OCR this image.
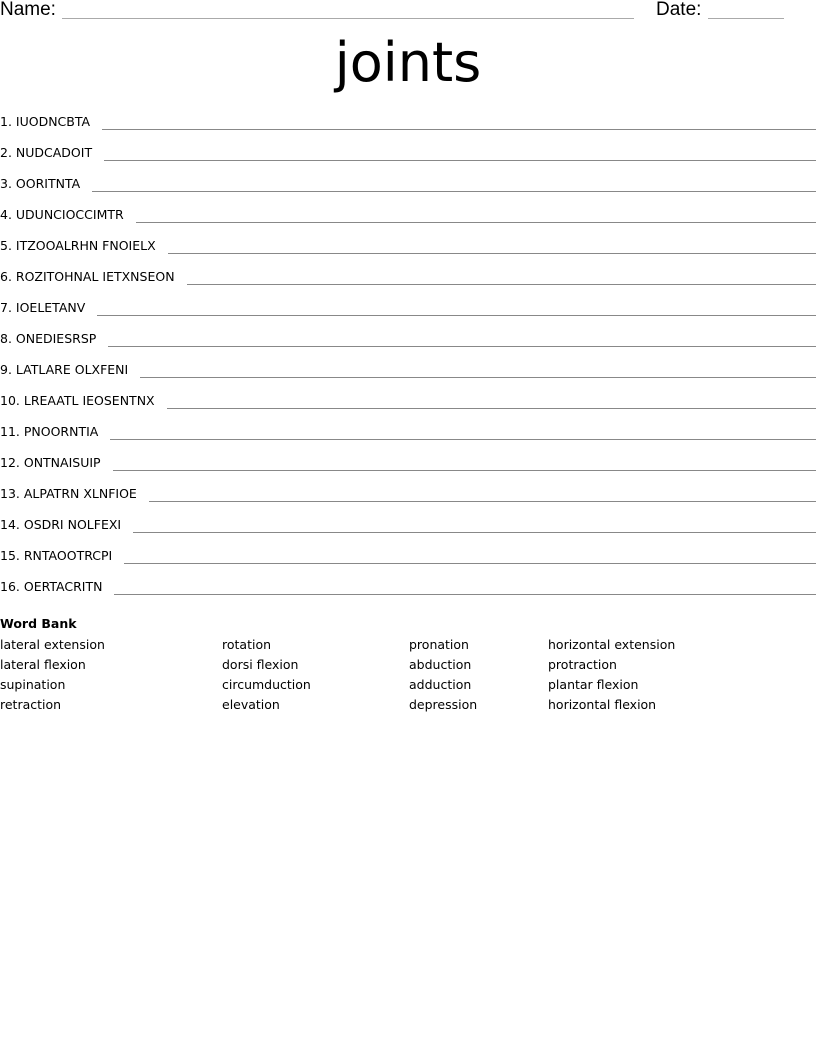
Name:	Date:
joints
1. IUODNCBTA
2. NUDCADOIT
3. OORITNTA
4. UDUNCIOCCIMTR
5. ITZOOALRHN FNOIELX
6. ROZITOHNAL IETXNSEON
7. IOELETANV
8. ONEDIESRSP
9. LATLARE OLXFENI
10. LREAATL IEOSENTNX
11. PNOORNTIA
12. ONTNAISUIP
13. ALPATRN XLNFIOE
14. OSDRI NOLFEXI
15. RNTAOOTRCPI
16. OERTACRITN
Word Bank
lateral extension
lateral flexion
supination
retraction
rotation
dorsi flexion
circumduction
elevation
pronation
abduction
adduction
depression
horizontal extension
protraction
plantar flexion
horizontal flexion
